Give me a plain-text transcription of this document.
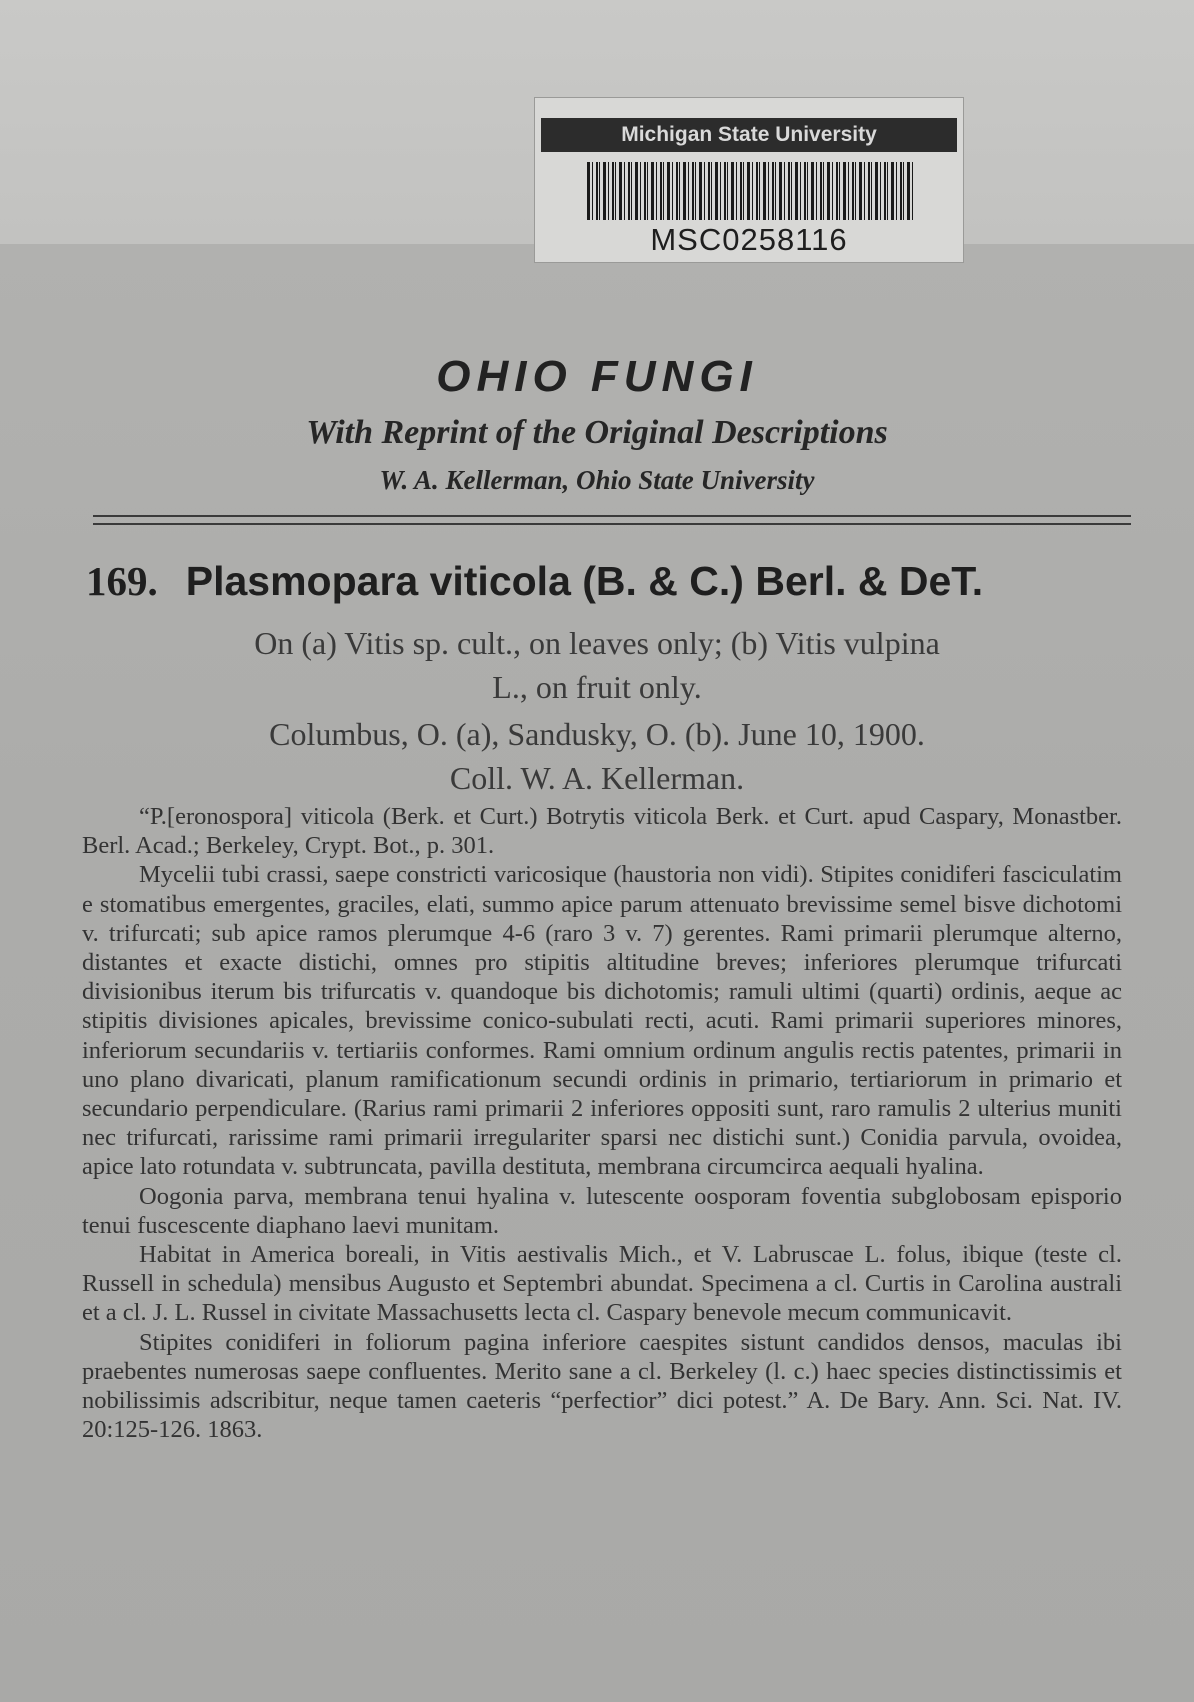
Michigan State University
MSC0258116
OHIO FUNGI
With Reprint of the Original Descriptions
W. A. Kellerman, Ohio State University
169. Plasmopara viticola (B. & C.) Berl. & DeT.
On (a) Vitis sp. cult., on leaves only; (b) Vitis vulpina
L., on fruit only.
Columbus, O. (a), Sandusky, O. (b). June 10, 1900.
Coll. W. A. Kellerman.

“P.[eronospora] viticola (Berk. et Curt.) Botrytis viticola Berk. et Curt. apud Caspary, Monastber. Berl. Acad.; Berkeley, Crypt. Bot., p. 301.

Mycelii tubi crassi, saepe constricti varicosique (haustoria non vidi). Stipites conidiferi fasciculatim e stomatibus emergentes, graciles, elati, summo apice parum attenuato brevissime semel bisve dichotomi v. trifurcati; sub apice ramos plerumque 4-6 (raro 3 v. 7) gerentes. Rami primarii plerumque alterno, distantes et exacte distichi, omnes pro stipitis altitudine breves; inferiores plerumque trifurcati divisionibus iterum bis trifurcatis v. quandoque bis dichotomis; ramuli ultimi (quarti) ordinis, aeque ac stipitis divisiones apicales, brevissime conico-subulati recti, acuti. Rami primarii superiores minores, inferiorum secundariis v. tertiariis conformes. Rami omnium ordinum angulis rectis patentes, primarii in uno plano divaricati, planum ramificationum secundi ordinis in primario, tertiariorum in primario et secundario perpendiculare. (Rarius rami primarii 2 inferiores oppositi sunt, raro ramulis 2 ulterius muniti nec trifurcati, rarissime rami primarii irregulariter sparsi nec distichi sunt.) Conidia parvula, ovoidea, apice lato rotundata v. subtruncata, pavilla destituta, membrana circumcirca aequali hyalina.

Oogonia parva, membrana tenui hyalina v. lutescente oosporam foventia subglobosam episporio tenui fuscescente diaphano laevi munitam.

Habitat in America boreali, in Vitis aestivalis Mich., et V. Labruscae L. folus, ibique (teste cl. Russell in schedula) mensibus Augusto et Septembri abundat. Specimena a cl. Curtis in Carolina australi et a cl. J. L. Russel in civitate Massachusetts lecta cl. Caspary benevole mecum communicavit.

Stipites conidiferi in foliorum pagina inferiore caespites sistunt candidos densos, maculas ibi praebentes numerosas saepe confluentes. Merito sane a cl. Berkeley (l. c.) haec species distinctissimis et nobilissimis adscribitur, neque tamen caeteris “perfectior” dici potest.” A. De Bary. Ann. Sci. Nat. IV. 20:125-126. 1863.
